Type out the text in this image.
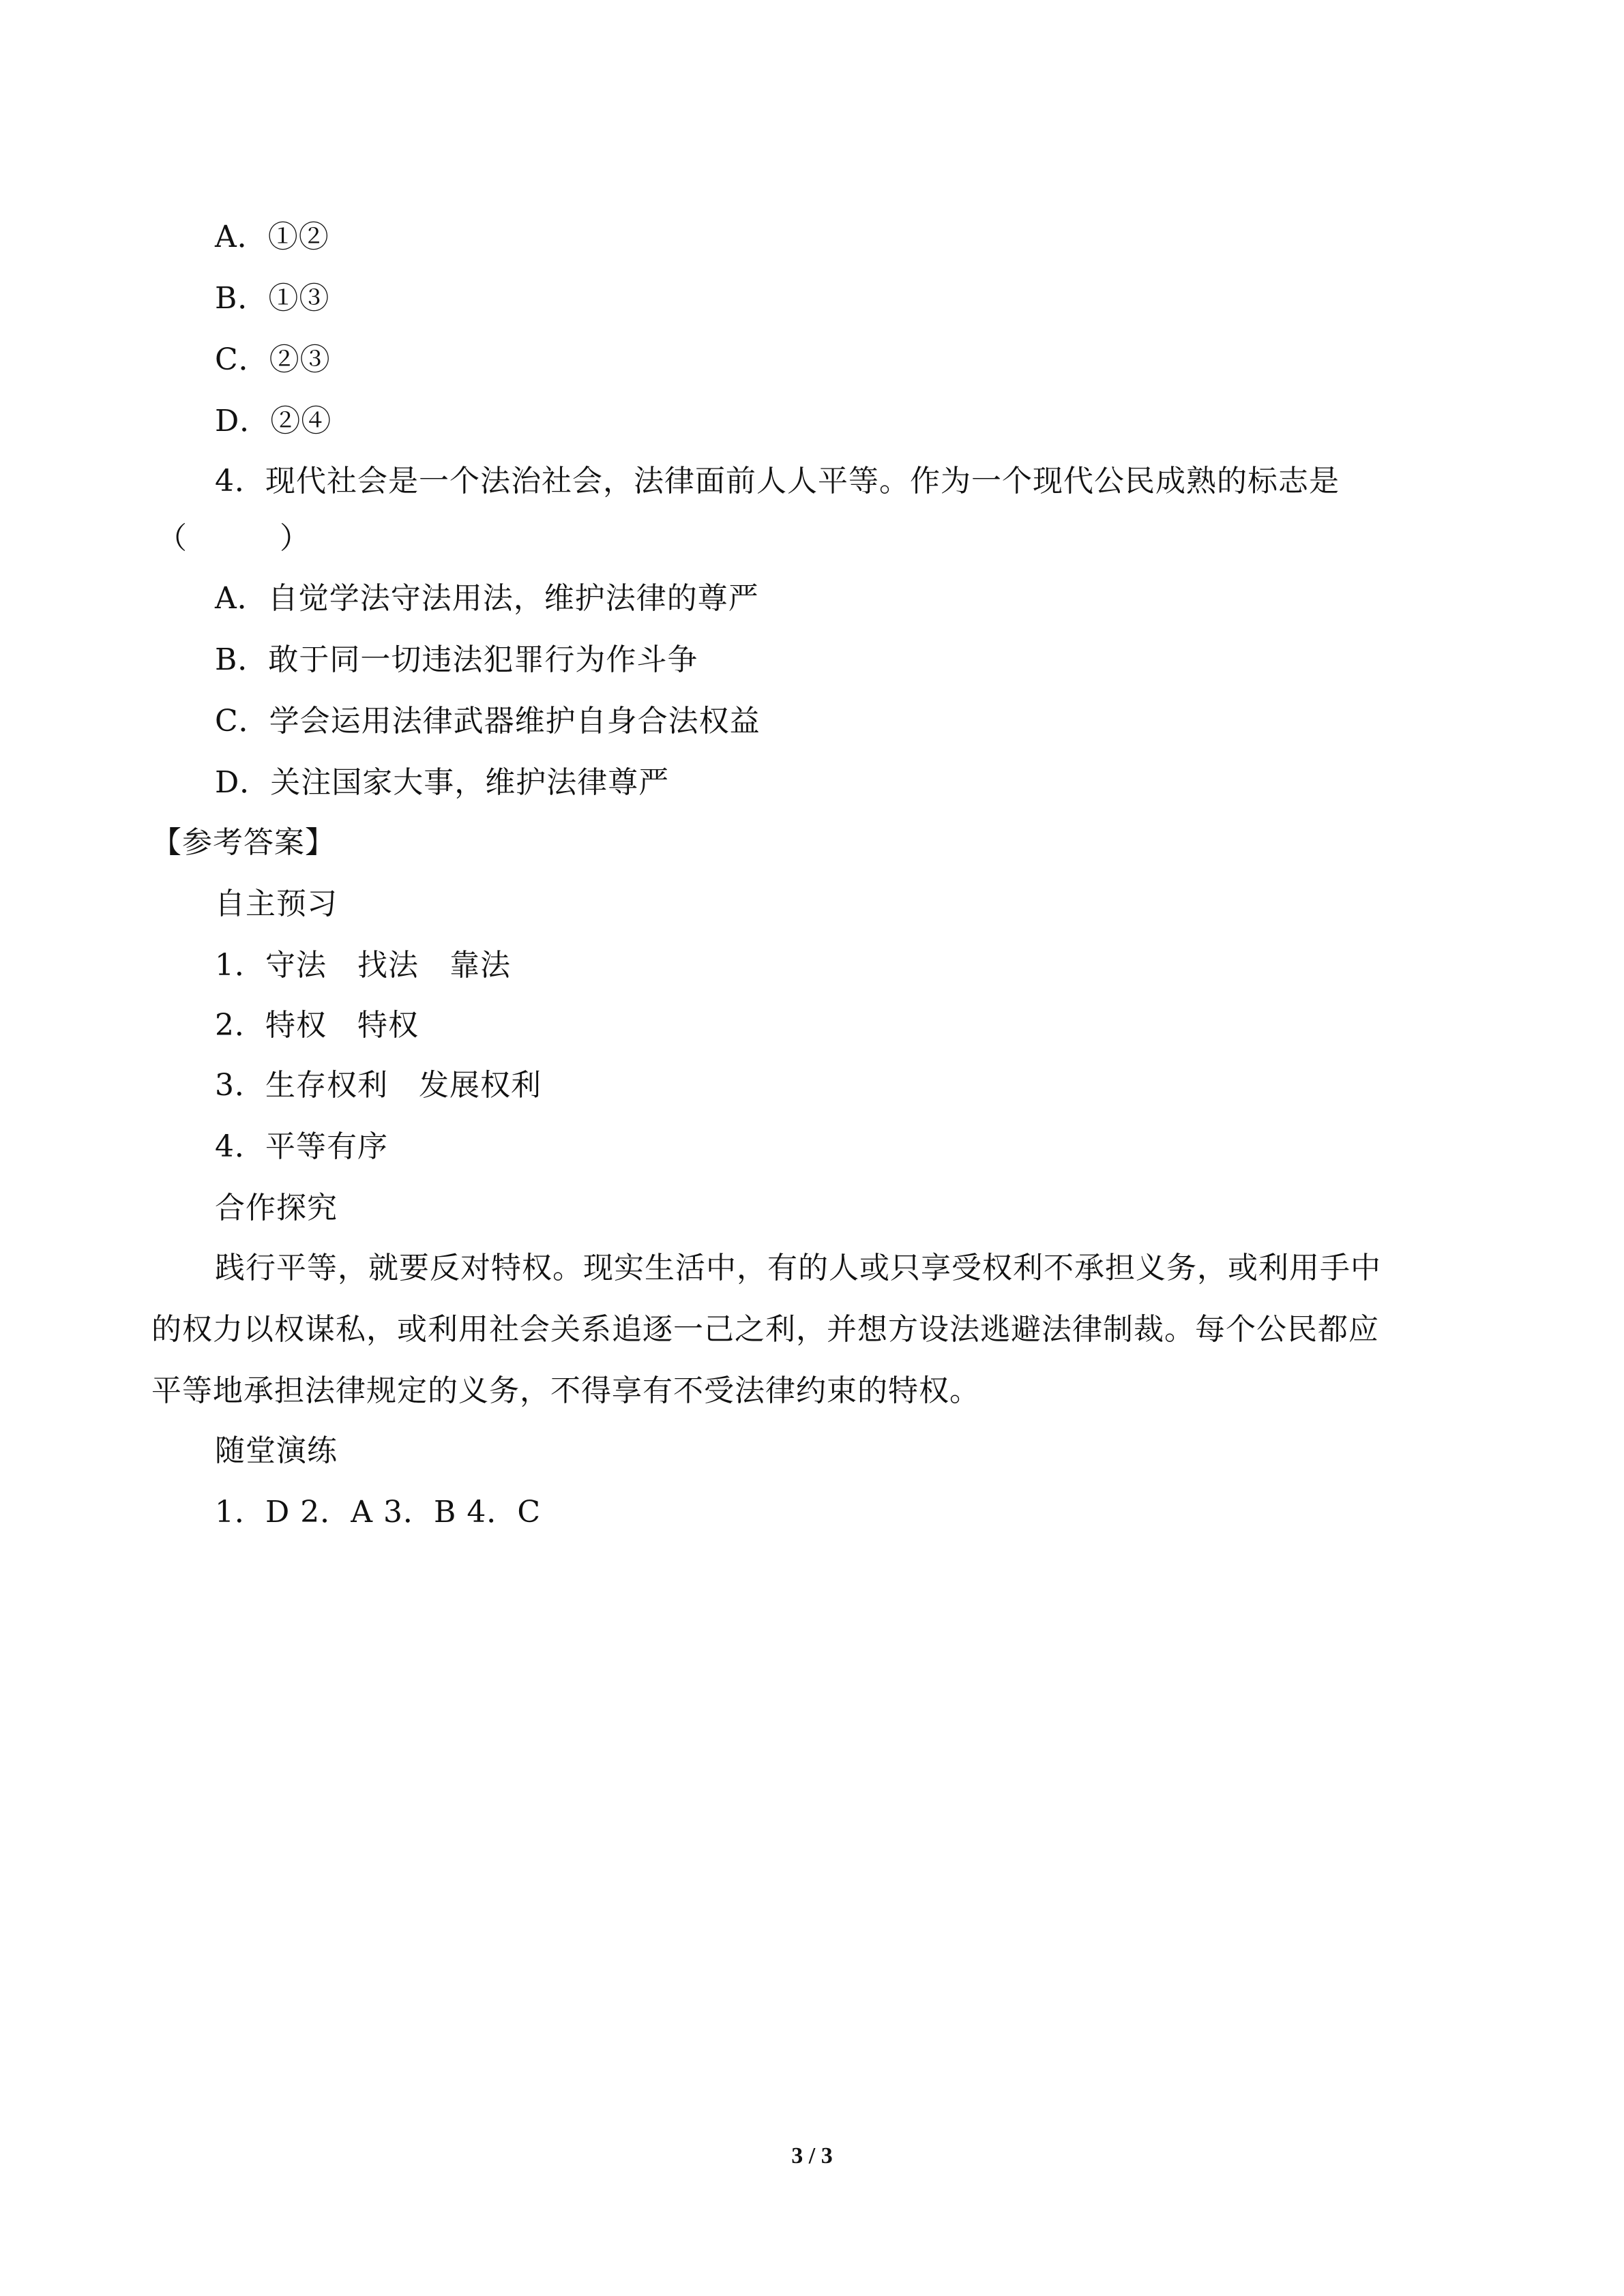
A．①②
B．①③
C．②③
D．②④
4．现代社会是一个法治社会，法律面前人人平等。作为一个现代公民成熟的标志是
（　　　）
A．自觉学法守法用法，维护法律的尊严
B．敢于同一切违法犯罪行为作斗争
C．学会运用法律武器维护自身合法权益
D．关注国家大事，维护法律尊严
【参考答案】
自主预习
1．守法　找法　靠法
2．特权　特权
3．生存权利　发展权利
4．平等有序
合作探究
践行平等，就要反对特权。现实生活中，有的人或只享受权利不承担义务，或利用手中
的权力以权谋私，或利用社会关系追逐一己之利，并想方设法逃避法律制裁。每个公民都应
平等地承担法律规定的义务，不得享有不受法律约束的特权。
随堂演练
1．D 2．A 3．B 4．C
3 / 3
